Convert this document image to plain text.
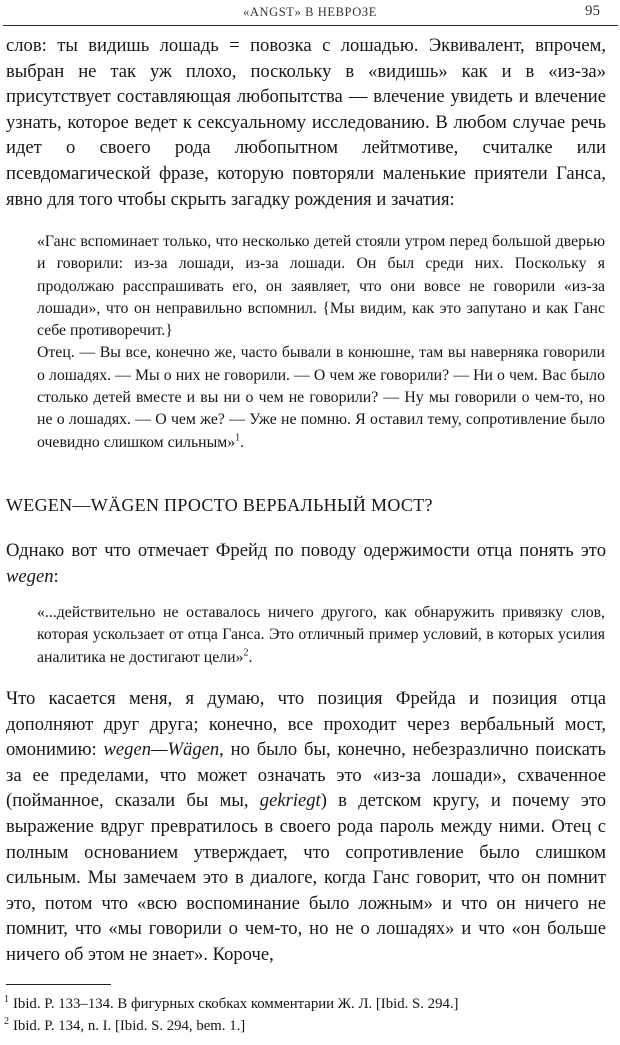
«ANGST» В НЕВРОЗЕ	95

слов: ты видишь лошадь = повозка с лошадью. Эквивалент, впрочем, выбран не так уж плохо, поскольку в «видишь» как и в «из-за» присутствует составляющая любопытства — влечение увидеть и влечение узнать, которое ведет к сексуальному исследованию. В любом случае речь идет о своего рода любопытном лейтмотиве, считалке или псевдомагической фразе, которую повторяли маленькие приятели Ганса, явно для того чтобы скрыть загадку рождения и зачатия:

«Ганс вспоминает только, что несколько детей стояли утром перед большой дверью и говорили: из-за лошади, из-за лошади. Он был среди них. Поскольку я продолжаю расспрашивать его, он заявляет, что они вовсе не говорили «из-за лошади», что он неправильно вспомнил. {Мы видим, как это запутано и как Ганс себе противоречит.}

Отец. — Вы все, конечно же, часто бывали в конюшне, там вы наверняка говорили о лошадях. — Мы о них не говорили. — О чем же говорили? — Ни о чем. Вас было столько детей вместе и вы ни о чем не говорили? — Ну мы говорили о чем-то, но не о лошадях. — О чем же? — Уже не помню. Я оставил тему, сопротивление было очевидно слишком сильным»$^1$.

WEGEN—WÄGEN ПРОСТО ВЕРБАЛЬНЫЙ МОСТ?

Однако вот что отмечает Фрейд по поводу одержимости отца понять это wegen:

«...действительно не оставалось ничего другого, как обнаружить привязку слов, которая ускользает от отца Ганса. Это отличный пример условий, в которых усилия аналитика не достигают цели»$^2$.

Что касается меня, я думаю, что позиция Фрейда и позиция отца дополняют друг друга; конечно, все проходит через вербальный мост, омонимию: wegen—Wägen, но было бы, конечно, небезразлично поискать за ее пределами, что может означать это «из-за лошади», схваченное (пойманное, сказали бы мы, gekriegt) в детском кругу, и почему это выражение вдруг превратилось в своего рода пароль между ними. Отец с полным основанием утверждает, что сопротивление было слишком сильным. Мы замечаем это в диалоге, когда Ганс говорит, что он помнит это, потом что «всю воспоминание было ложным» и что он ничего не помнит, что «мы говорили о чем-то, но не о лошадях» и что «он больше ничего об этом не знает». Короче,

$^1$ Ibid. P. 133–134. В фигурных скобках комментарии Ж. Л. [Ibid. S. 294.]

$^2$ Ibid. P. 134, n. I. [Ibid. S. 294, bem. 1.]
